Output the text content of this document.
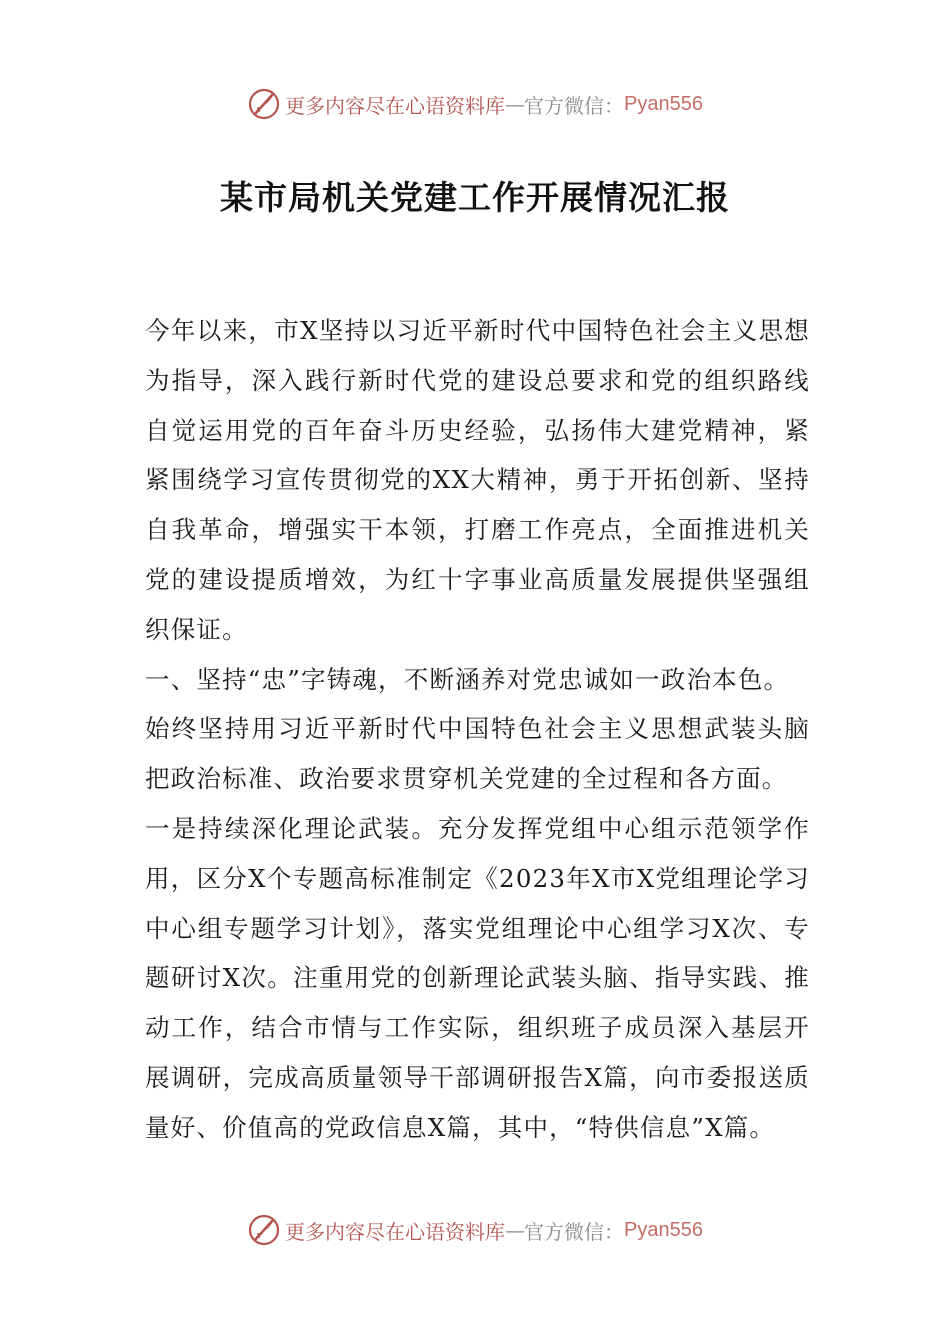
更多内容尽在心语资料库 — 官方微信： Pyan556
某市局机关党建工作开展情况汇报

今年以来，市X坚持以习近平新时代中国特色社会主义思想为指导，深入践行新时代党的建设总要求和党的组织路线自觉运用党的百年奋斗历史经验，弘扬伟大建党精神，紧紧围绕学习宣传贯彻党的XX大精神，勇于开拓创新、坚持自我革命，增强实干本领，打磨工作亮点，全面推进机关党的建设提质增效，为红十字事业高质量发展提供坚强组织保证。

一、坚持“忠”字铸魂，不断涵养对党忠诚如一政治本色。

始终坚持用习近平新时代中国特色社会主义思想武装头脑把政治标准、政治要求贯穿机关党建的全过程和各方面。

一是持续深化理论武装。充分发挥党组中心组示范领学作用，区分X个专题高标准制定《2023年X市X党组理论学习中心组专题学习计划》，落实党组理论中心组学习X次、专题研讨X次。注重用党的创新理论武装头脑、指导实践、推动工作，结合市情与工作实际，组织班子成员深入基层开展调研，完成高质量领导干部调研报告X篇，向市委报送质量好、价值高的党政信息X篇，其中，“特供信息”X篇。

更多内容尽在心语资料库 — 官方微信： Pyan556
